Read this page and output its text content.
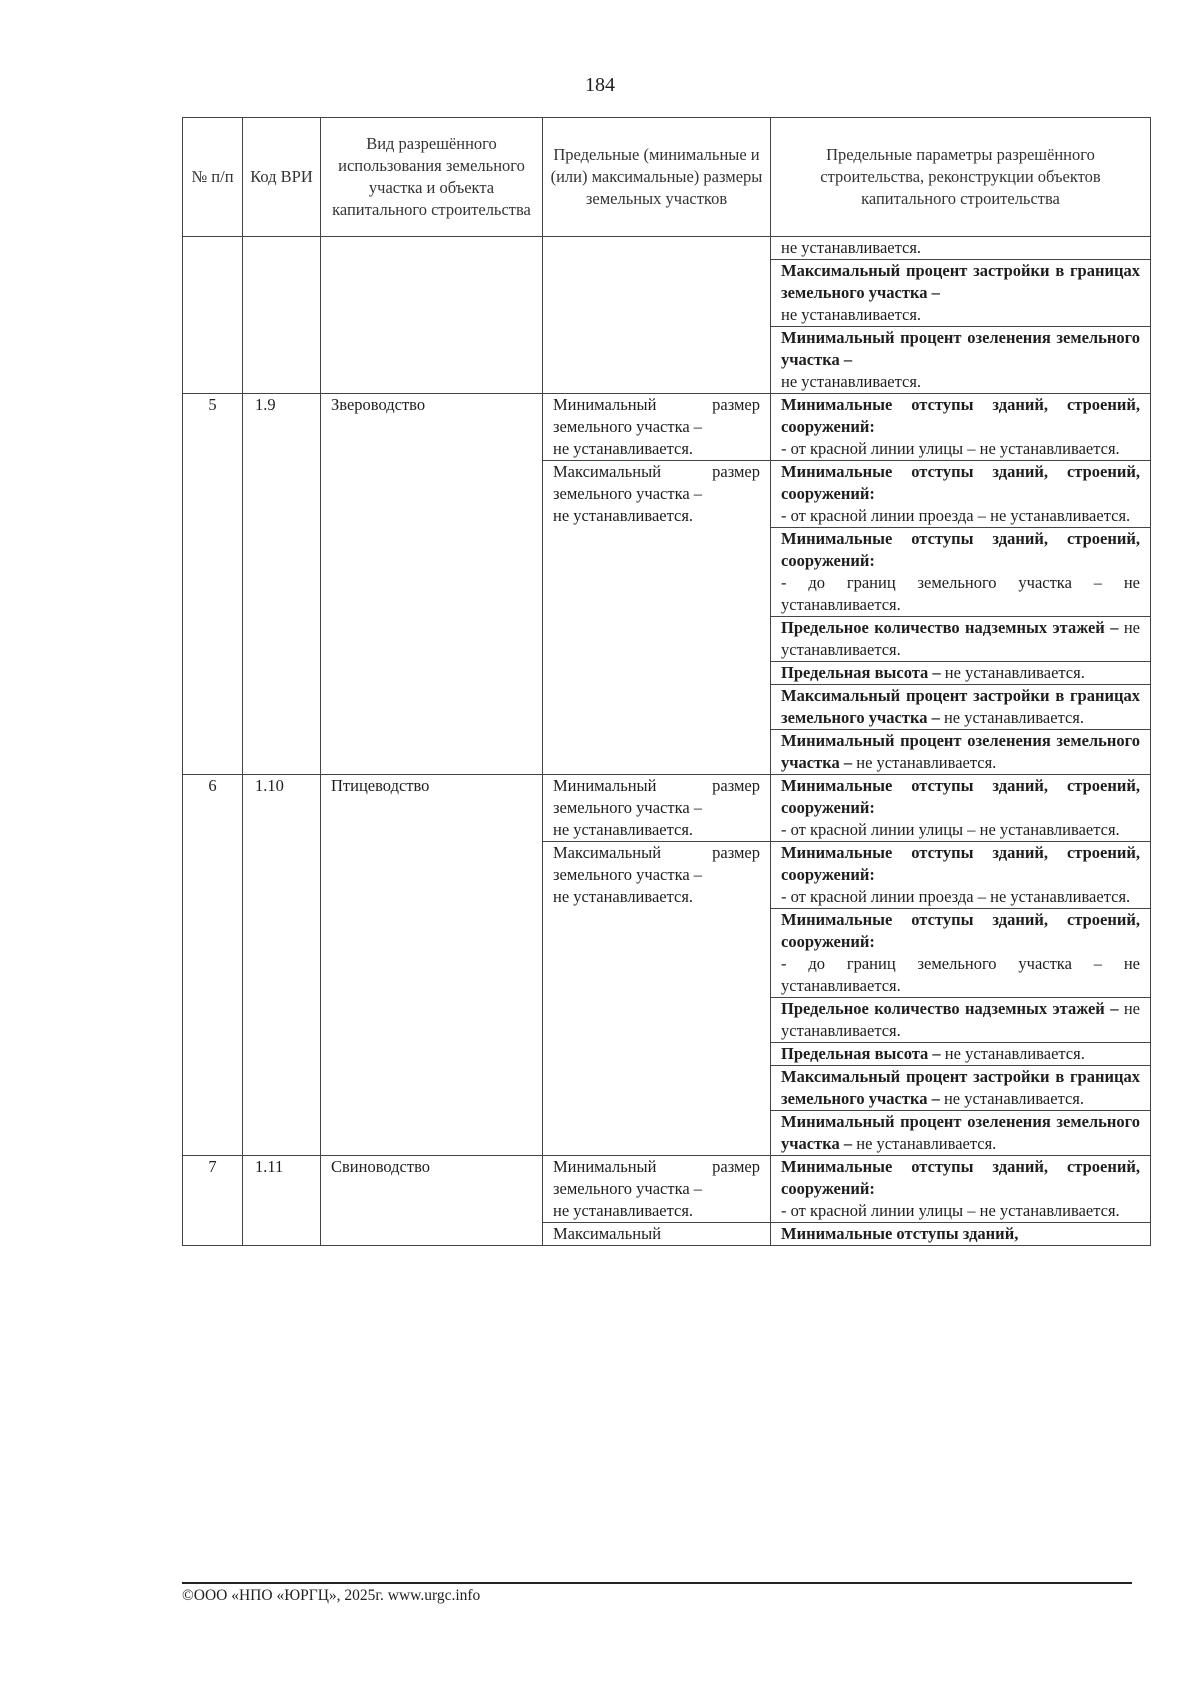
184
№ п/п	Код ВРИ	Вид разрешённого использования земельного участка и объекта капитального строительства	Предельные (минимальные и (или) максимальные) размеры земельных участков	Предельные параметры разрешённого строительства, реконструкции объектов капитального строительства
				не устанавливается.
				Максимальный процент застройки в границах земельного участка –
не устанавливается.
				Минимальный процент озеленения земельного участка –
не устанавливается.
5	1.9	Звероводство	Минимальный размер земельного участка –
не устанавливается.	Минимальные отступы зданий, строений, сооружений:
- от красной линии улицы – не устанавливается.
			Максимальный размер земельного участка –
не устанавливается.	Минимальные отступы зданий, строений, сооружений:
- от красной линии проезда – не устанавливается.
				Минимальные отступы зданий, строений, сооружений:
- до границ земельного участка – не устанавливается.
				Предельное количество надземных этажей – не устанавливается.
				Предельная высота – не устанавливается.
				Максимальный процент застройки в границах земельного участка – не устанавливается.
				Минимальный процент озеленения земельного участка – не устанавливается.
6	1.10	Птицеводство	Минимальный размер земельного участка –
не устанавливается.	Минимальные отступы зданий, строений, сооружений:
- от красной линии улицы – не устанавливается.
			Максимальный размер земельного участка –
не устанавливается.	Минимальные отступы зданий, строений, сооружений:
- от красной линии проезда – не устанавливается.
				Минимальные отступы зданий, строений, сооружений:
- до границ земельного участка – не устанавливается.
				Предельное количество надземных этажей – не устанавливается.
				Предельная высота – не устанавливается.
				Максимальный процент застройки в границах земельного участка – не устанавливается.
				Минимальный процент озеленения земельного участка – не устанавливается.
7	1.11	Свиноводство	Минимальный размер земельного участка –
не устанавливается.	Минимальные отступы зданий, строений, сооружений:
- от красной линии улицы – не устанавливается.
			Максимальный	Минимальные отступы зданий,
©ООО «НПО «ЮРГЦ», 2025г. www.urgc.info
